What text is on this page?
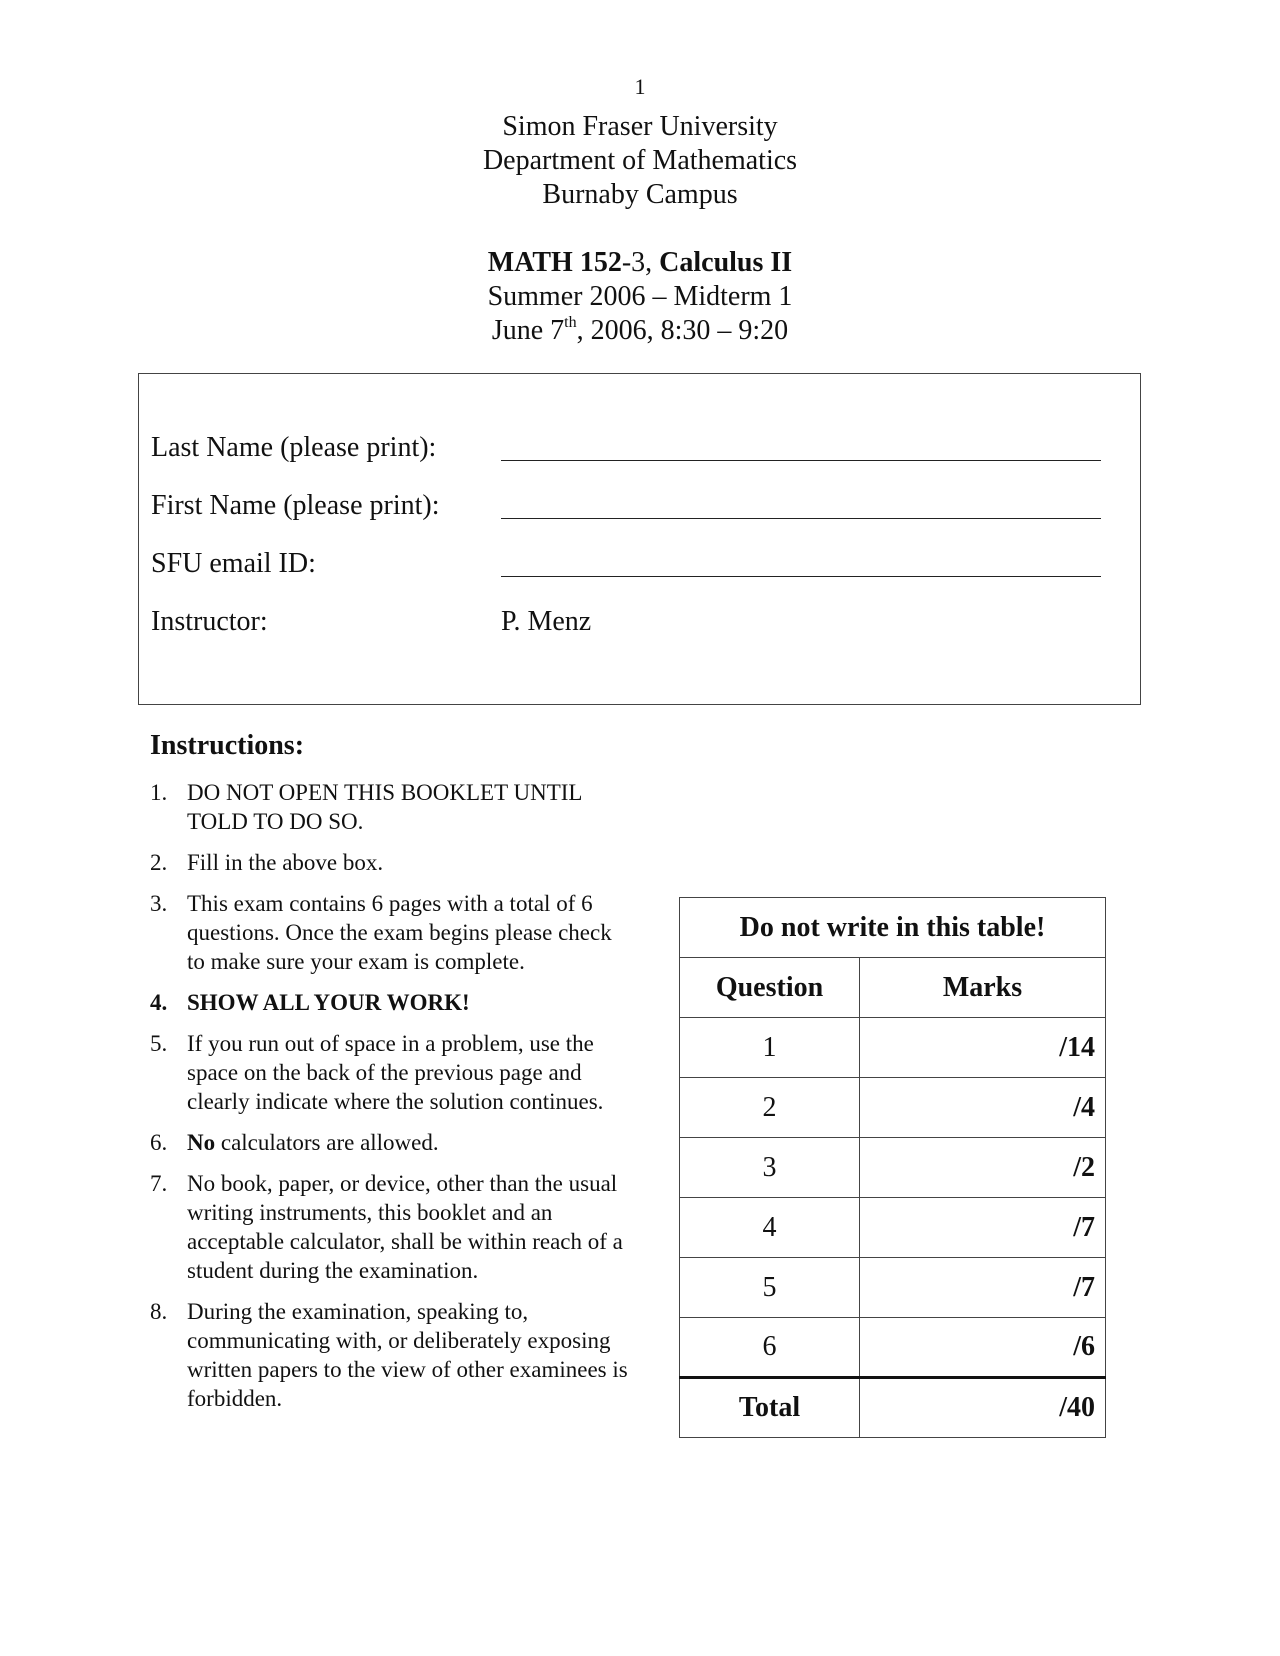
1
Simon Fraser University
Department of Mathematics
Burnaby Campus
MATH 152-3, Calculus II
Summer 2006 – Midterm 1
June 7th, 2006, 8:30 – 9:20
Last Name (please print):
First Name (please print):
SFU email ID:
Instructor:	P. Menz
Instructions:
1. DO NOT OPEN THIS BOOKLET UNTIL TOLD TO DO SO.
2. Fill in the above box.
3. This exam contains 6 pages with a total of 6 questions. Once the exam begins please check to make sure your exam is complete.
4. SHOW ALL YOUR WORK!
5. If you run out of space in a problem, use the space on the back of the previous page and clearly indicate where the solution continues.
6. No calculators are allowed.
7. No book, paper, or device, other than the usual writing instruments, this booklet and an acceptable calculator, shall be within reach of a student during the examination.
8. During the examination, speaking to, communicating with, or deliberately exposing written papers to the view of other examinees is forbidden.
Do not write in this table!	
Question	Marks
1	/14
2	/4
3	/2
4	/7
5	/7
6	/6
Total	/40
